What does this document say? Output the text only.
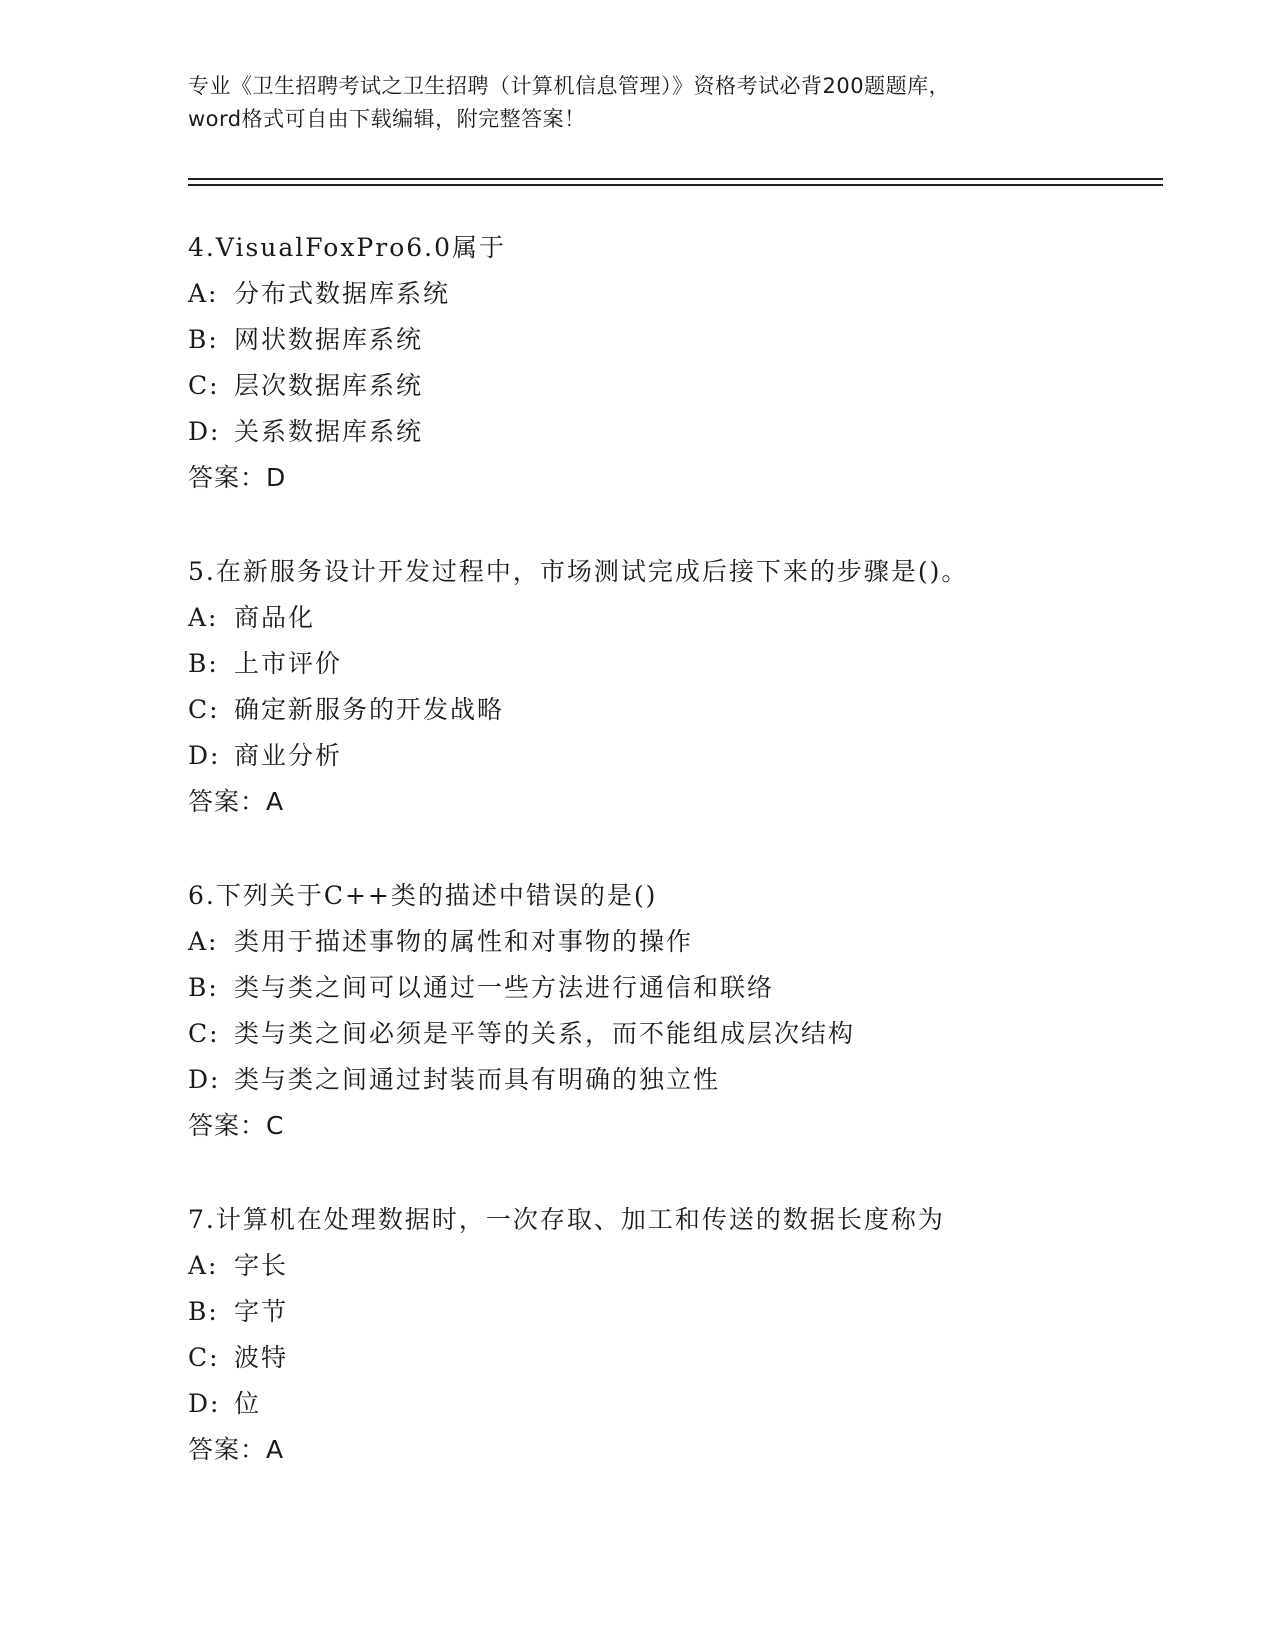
专业《卫生招聘考试之卫生招聘（计算机信息管理）》资格考试必背200题题库，
word格式可自由下载编辑，附完整答案！
4.VisualFoxPro6.0属于
A: 分布式数据库系统
B: 网状数据库系统
C: 层次数据库系统
D: 关系数据库系统
答案：D
5.在新服务设计开发过程中，市场测试完成后接下来的步骤是()。
A: 商品化
B: 上市评价
C: 确定新服务的开发战略
D: 商业分析
答案：A
6.下列关于C++类的描述中错误的是()
A: 类用于描述事物的属性和对事物的操作
B: 类与类之间可以通过一些方法进行通信和联络
C: 类与类之间必须是平等的关系，而不能组成层次结构
D: 类与类之间通过封装而具有明确的独立性
答案：C
7.计算机在处理数据时，一次存取、加工和传送的数据长度称为
A: 字长
B: 字节
C: 波特
D: 位
答案：A
